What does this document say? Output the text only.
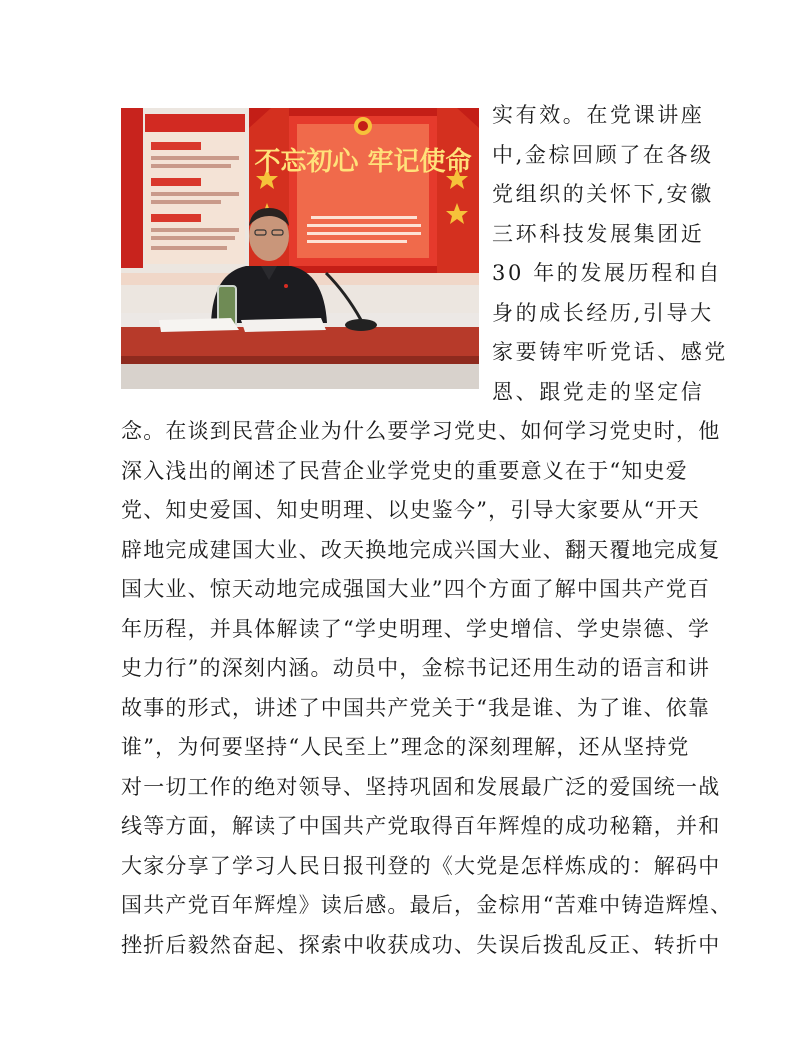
不忘初心 牢记使命
实有效。在党课讲座
中,金棕回顾了在各级
党组织的关怀下,安徽
三环科技发展集团近
30 年的发展历程和自
身的成长经历,引导大
家要铸牢听党话、感党
恩、跟党走的坚定信
念。在谈到民营企业为什么要学习党史、如何学习党史时，他
深入浅出的阐述了民营企业学党史的重要意义在于“知史爱
党、知史爱国、知史明理、以史鉴今”，引导大家要从“开天
辟地完成建国大业、改天换地完成兴国大业、翻天覆地完成复
国大业、惊天动地完成强国大业”四个方面了解中国共产党百
年历程，并具体解读了“学史明理、学史增信、学史崇德、学
史力行”的深刻内涵。动员中，金棕书记还用生动的语言和讲
故事的形式，讲述了中国共产党关于“我是谁、为了谁、依靠
谁”，为何要坚持“人民至上”理念的深刻理解，还从坚持党
对一切工作的绝对领导、坚持巩固和发展最广泛的爱国统一战
线等方面，解读了中国共产党取得百年辉煌的成功秘籍，并和
大家分享了学习人民日报刊登的《大党是怎样炼成的：解码中
国共产党百年辉煌》读后感。最后，金棕用“苦难中铸造辉煌、
挫折后毅然奋起、探索中收获成功、失误后拨乱反正、转折中
